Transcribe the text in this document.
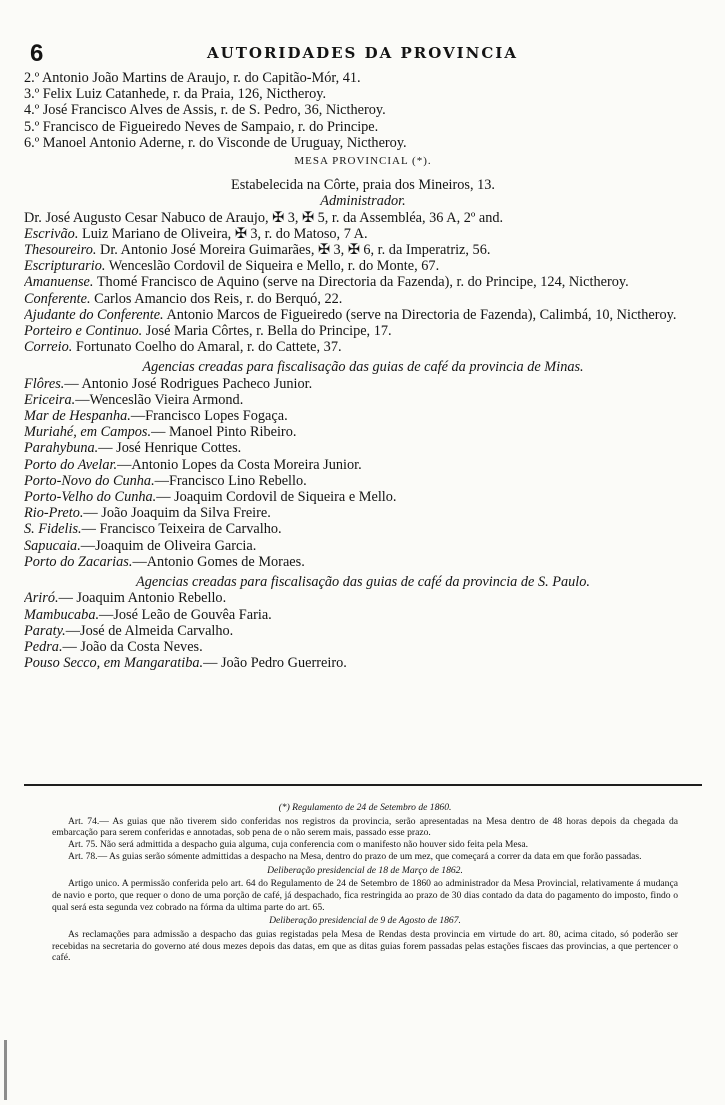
6	AUTORIDADES DA PROVINCIA
2.º Antonio João Martins de Araujo, r. do Capitão-Mór, 41.
3.º Felix Luiz Catanhede, r. da Praia, 126, Nictheroy.
4.º José Francisco Alves de Assis, r. de S. Pedro, 36, Nictheroy.
5.º Francisco de Figueiredo Neves de Sampaio, r. do Principe.
6.º Manoel Antonio Aderne, r. do Visconde de Uruguay, Nictheroy.
MESA PROVINCIAL (*).
Estabelecida na Côrte, praia dos Mineiros, 13.
Administrador.
Dr. José Augusto Cesar Nabuco de Araujo, ✠ 3, ✠ 5, r. da Assembléa, 36 A, 2º and.
Escrivão. Luiz Mariano de Oliveira, ✠ 3, r. do Matoso, 7 A.
Thesoureiro. Dr. Antonio José Moreira Guimarães, ✠ 3, ✠ 6, r. da Imperatriz, 56.
Escripturario. Wenceslão Cordovil de Siqueira e Mello, r. do Monte, 67.
Amanuense. Thomé Francisco de Aquino (serve na Directoria da Fazenda), r. do Principe, 124, Nictheroy.
Conferente. Carlos Amancio dos Reis, r. do Berquó, 22.
Ajudante do Conferente. Antonio Marcos de Figueiredo (serve na Directoria de Fazenda), Calimbá, 10, Nictheroy.
Porteiro e Continuo. José Maria Côrtes, r. Bella do Principe, 17.
Correio. Fortunato Coelho do Amaral, r. do Cattete, 37.
Agencias creadas para fiscalisação das guias de café da provincia de Minas.
Flôres.— Antonio José Rodrigues Pacheco Junior.
Ericeira.—Wenceslão Vieira Armond.
Mar de Hespanha.—Francisco Lopes Fogaça.
Muriahé, em Campos.— Manoel Pinto Ribeiro.
Parahybuna.— José Henrique Cottes.
Porto do Avelar.—Antonio Lopes da Costa Moreira Junior.
Porto-Novo do Cunha.—Francisco Lino Rebello.
Porto-Velho do Cunha.— Joaquim Cordovil de Siqueira e Mello.
Rio-Preto.— João Joaquim da Silva Freire.
S. Fidelis.— Francisco Teixeira de Carvalho.
Sapucaia.—Joaquim de Oliveira Garcia.
Porto do Zacarias.—Antonio Gomes de Moraes.
Agencias creadas para fiscalisação das guias de café da provincia de S. Paulo.
Ariró.— Joaquim Antonio Rebello.
Mambucaba.—José Leão de Gouvêa Faria.
Paraty.—José de Almeida Carvalho.
Pedra.— João da Costa Neves.
Pouso Secco, em Mangaratiba.— João Pedro Guerreiro.
(*) Regulamento de 24 de Setembro de 1860.

Art. 74.— As guias que não tiverem sido conferidas nos registros da provincia, serão apresentadas na Mesa dentro de 48 horas depois da chegada da embarcação para serem conferidas e annotadas, sob pena de o não serem mais, passado esse prazo.

Art. 75. Não será admittida a despacho guia alguma, cuja conferencia com o manifesto não houver sido feita pela Mesa.

Art. 78.— As guias serão sómente admittidas a despacho na Mesa, dentro do prazo de um mez, que começará a correr da data em que forão passadas.

Deliberação presidencial de 18 de Março de 1862.

Artigo unico. A permissão conferida pelo art. 64 do Regulamento de 24 de Setembro de 1860 ao administrador da Mesa Provincial, relativamente á mudança de navio e porto, que requer o dono de uma porção de café, já despachado, fica restringida ao prazo de 30 dias contado da data do pagamento do imposto, findo o qual será esta segunda vez cobrado na fórma da ultima parte do art. 65.

Deliberação presidencial de 9 de Agosto de 1867.

As reclamações para admissão a despacho das guias registadas pela Mesa de Rendas desta provincia em virtude do art. 80, acima citado, só poderão ser recebidas na secretaria do governo até dous mezes depois das datas, em que as ditas guias forem passadas pelas estações fiscaes das provincias, a que pertencer o café.
